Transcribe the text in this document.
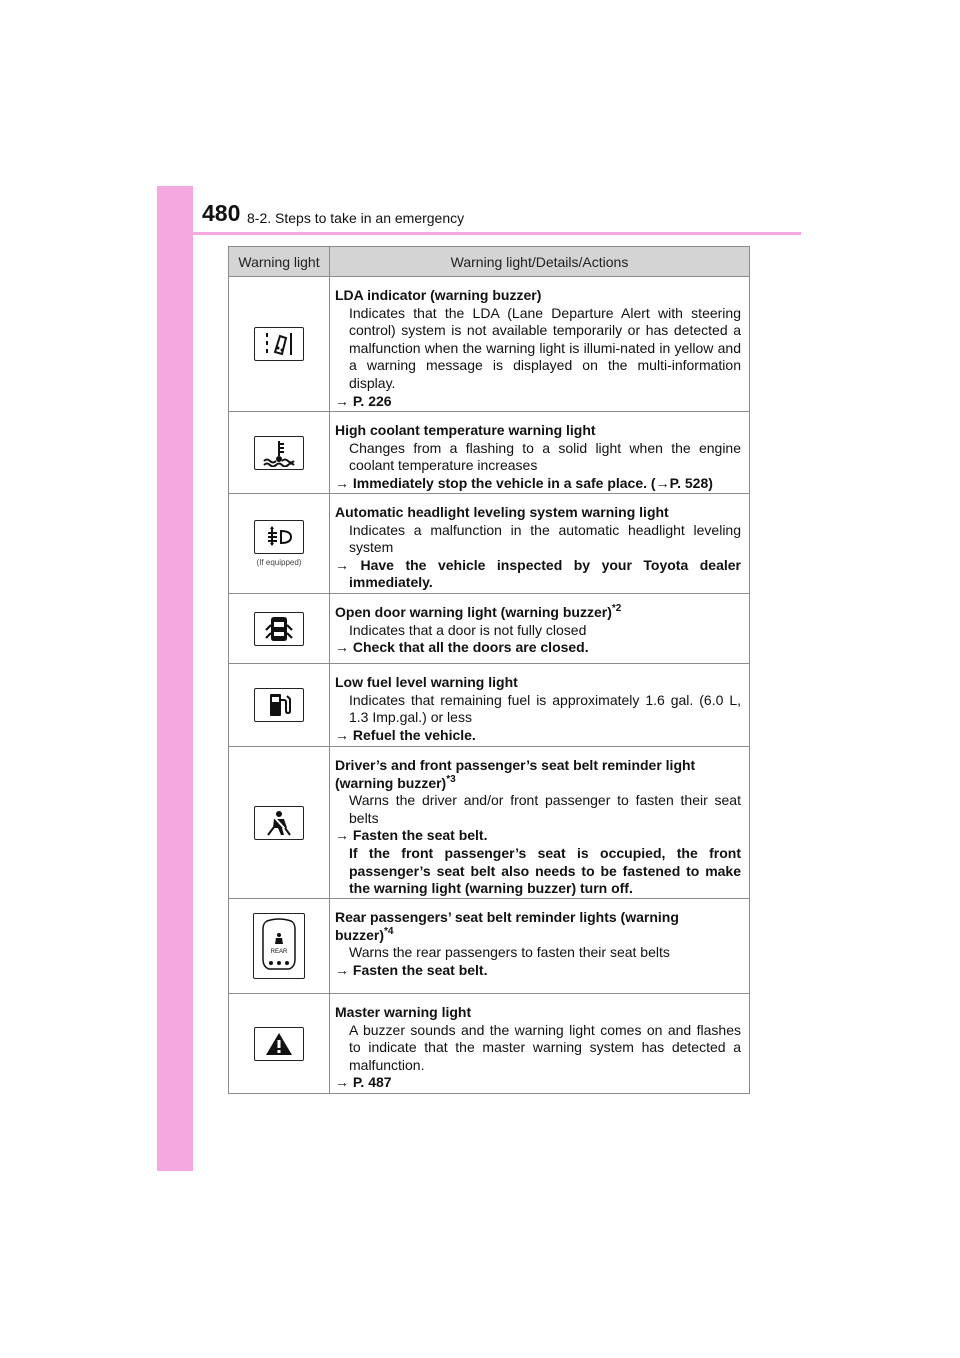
480 8-2. Steps to take in an emergency
Warning light	Warning light/Details/Actions
LDA indicator (warning buzzer)
Indicates that the LDA (Lane Departure Alert with steering control) system is not available temporarily or has detected a malfunction when the warning light is illumi-nated in yellow and a warning message is displayed on the multi-information display.
→ P. 226
High coolant temperature warning light
Changes from a flashing to a solid light when the engine coolant temperature increases
→ Immediately stop the vehicle in a safe place. (→P. 528)
(If equipped)
Automatic headlight leveling system warning light
Indicates a malfunction in the automatic headlight leveling system
→ Have the vehicle inspected by your Toyota dealer immediately.
Open door warning light (warning buzzer)$^{*2}$
Indicates that a door is not fully closed
→ Check that all the doors are closed.
Low fuel level warning light
Indicates that remaining fuel is approximately 1.6 gal. (6.0 L, 1.3 Imp.gal.) or less
→ Refuel the vehicle.
Driver’s and front passenger’s seat belt reminder light (warning buzzer)$^{*3}$
Warns the driver and/or front passenger to fasten their seat belts
→ Fasten the seat belt.
If the front passenger’s seat is occupied, the front passenger’s seat belt also needs to be fastened to make the warning light (warning buzzer) turn off.
REAR
Rear passengers’ seat belt reminder lights (warning buzzer)$^{*4}$
Warns the rear passengers to fasten their seat belts
→ Fasten the seat belt.
Master warning light
A buzzer sounds and the warning light comes on and flashes to indicate that the master warning system has detected a malfunction.
→ P. 487
